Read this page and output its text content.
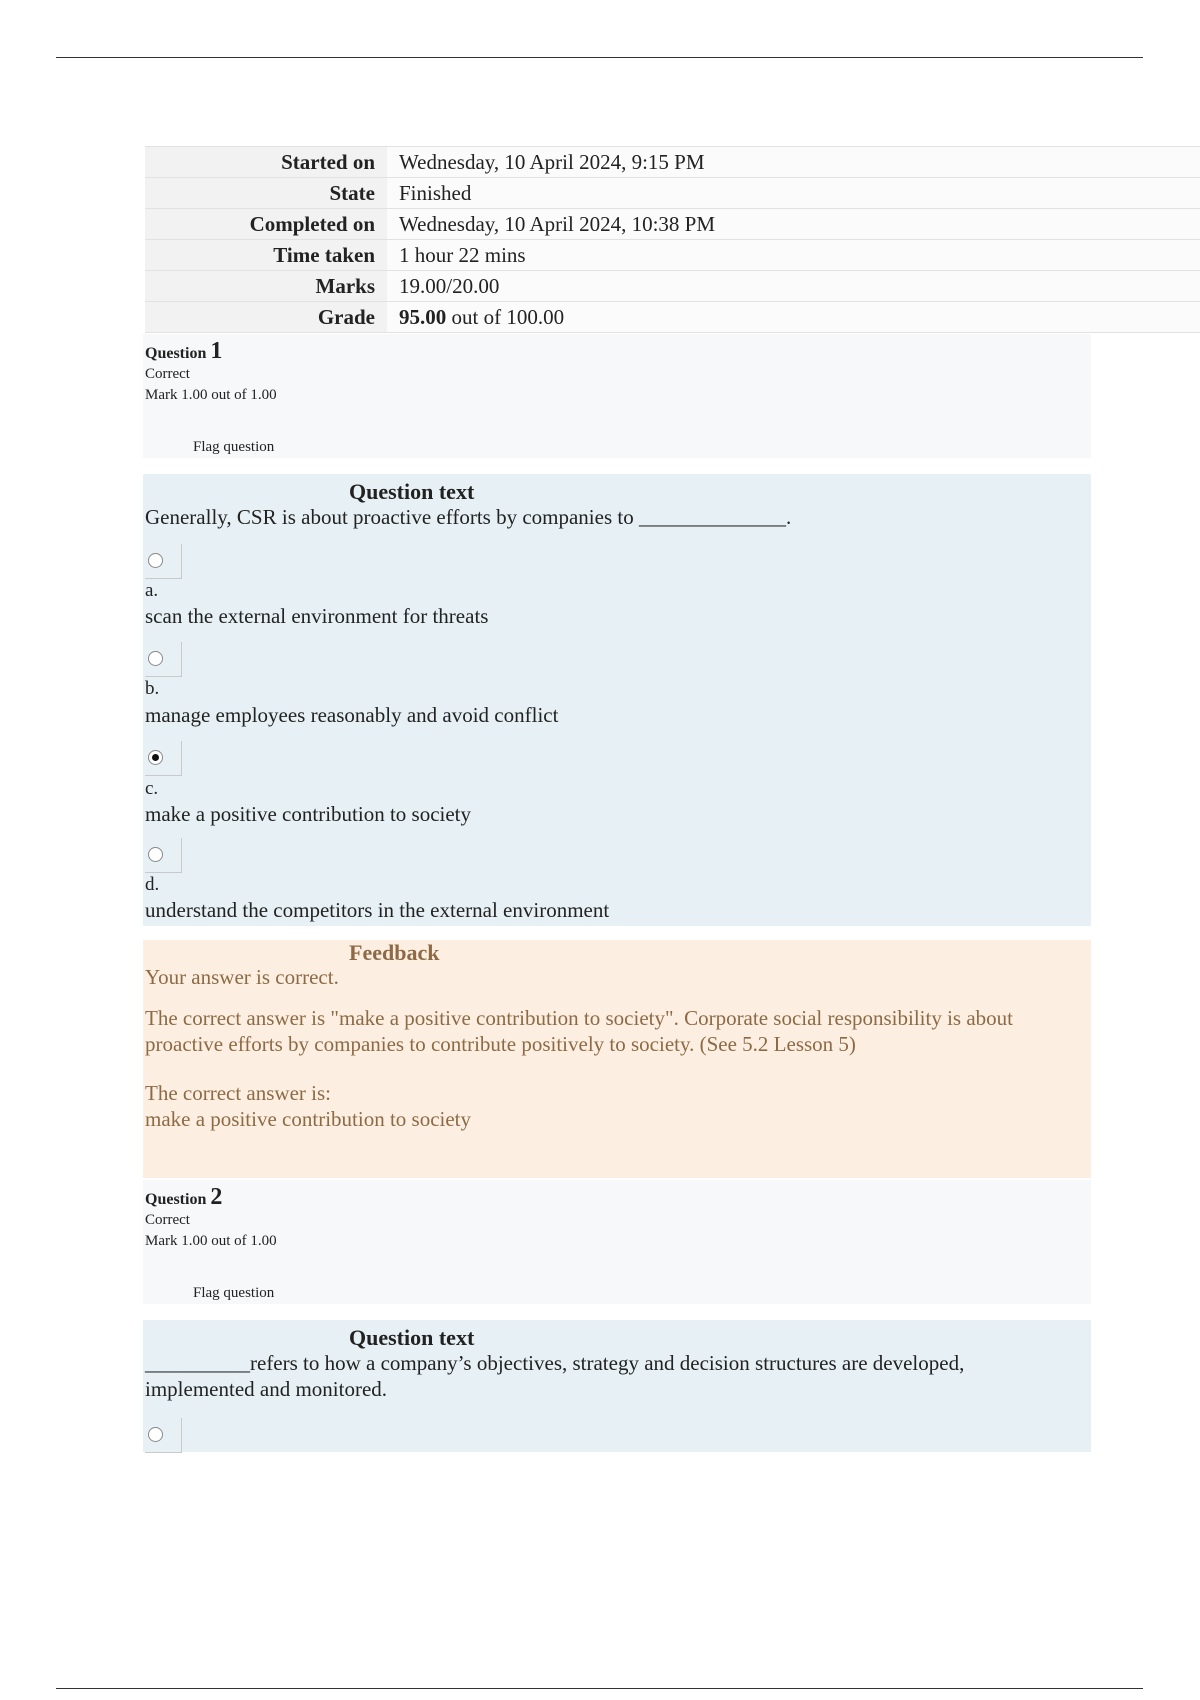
Started on	Wednesday, 10 April 2024, 9:15 PM
State	Finished
Completed on	Wednesday, 10 April 2024, 10:38 PM
Time taken	1 hour 22 mins
Marks	19.00/20.00
Grade	95.00 out of 100.00
Question 1
Correct
Mark 1.00 out of 1.00
Flag question
Question text
Generally, CSR is about proactive efforts by companies to ______________.
a.
scan the external environment for threats
b.
manage employees reasonably and avoid conflict
c.
make a positive contribution to society
d.
understand the competitors in the external environment
Feedback
Your answer is correct.
The correct answer is "make a positive contribution to society". Corporate social responsibility is about proactive efforts by companies to contribute positively to society. (See 5.2 Lesson 5)
The correct answer is:
make a positive contribution to society
Question 2
Correct
Mark 1.00 out of 1.00
Flag question
Question text
__________refers to how a company’s objectives, strategy and decision structures are developed, implemented and monitored.
